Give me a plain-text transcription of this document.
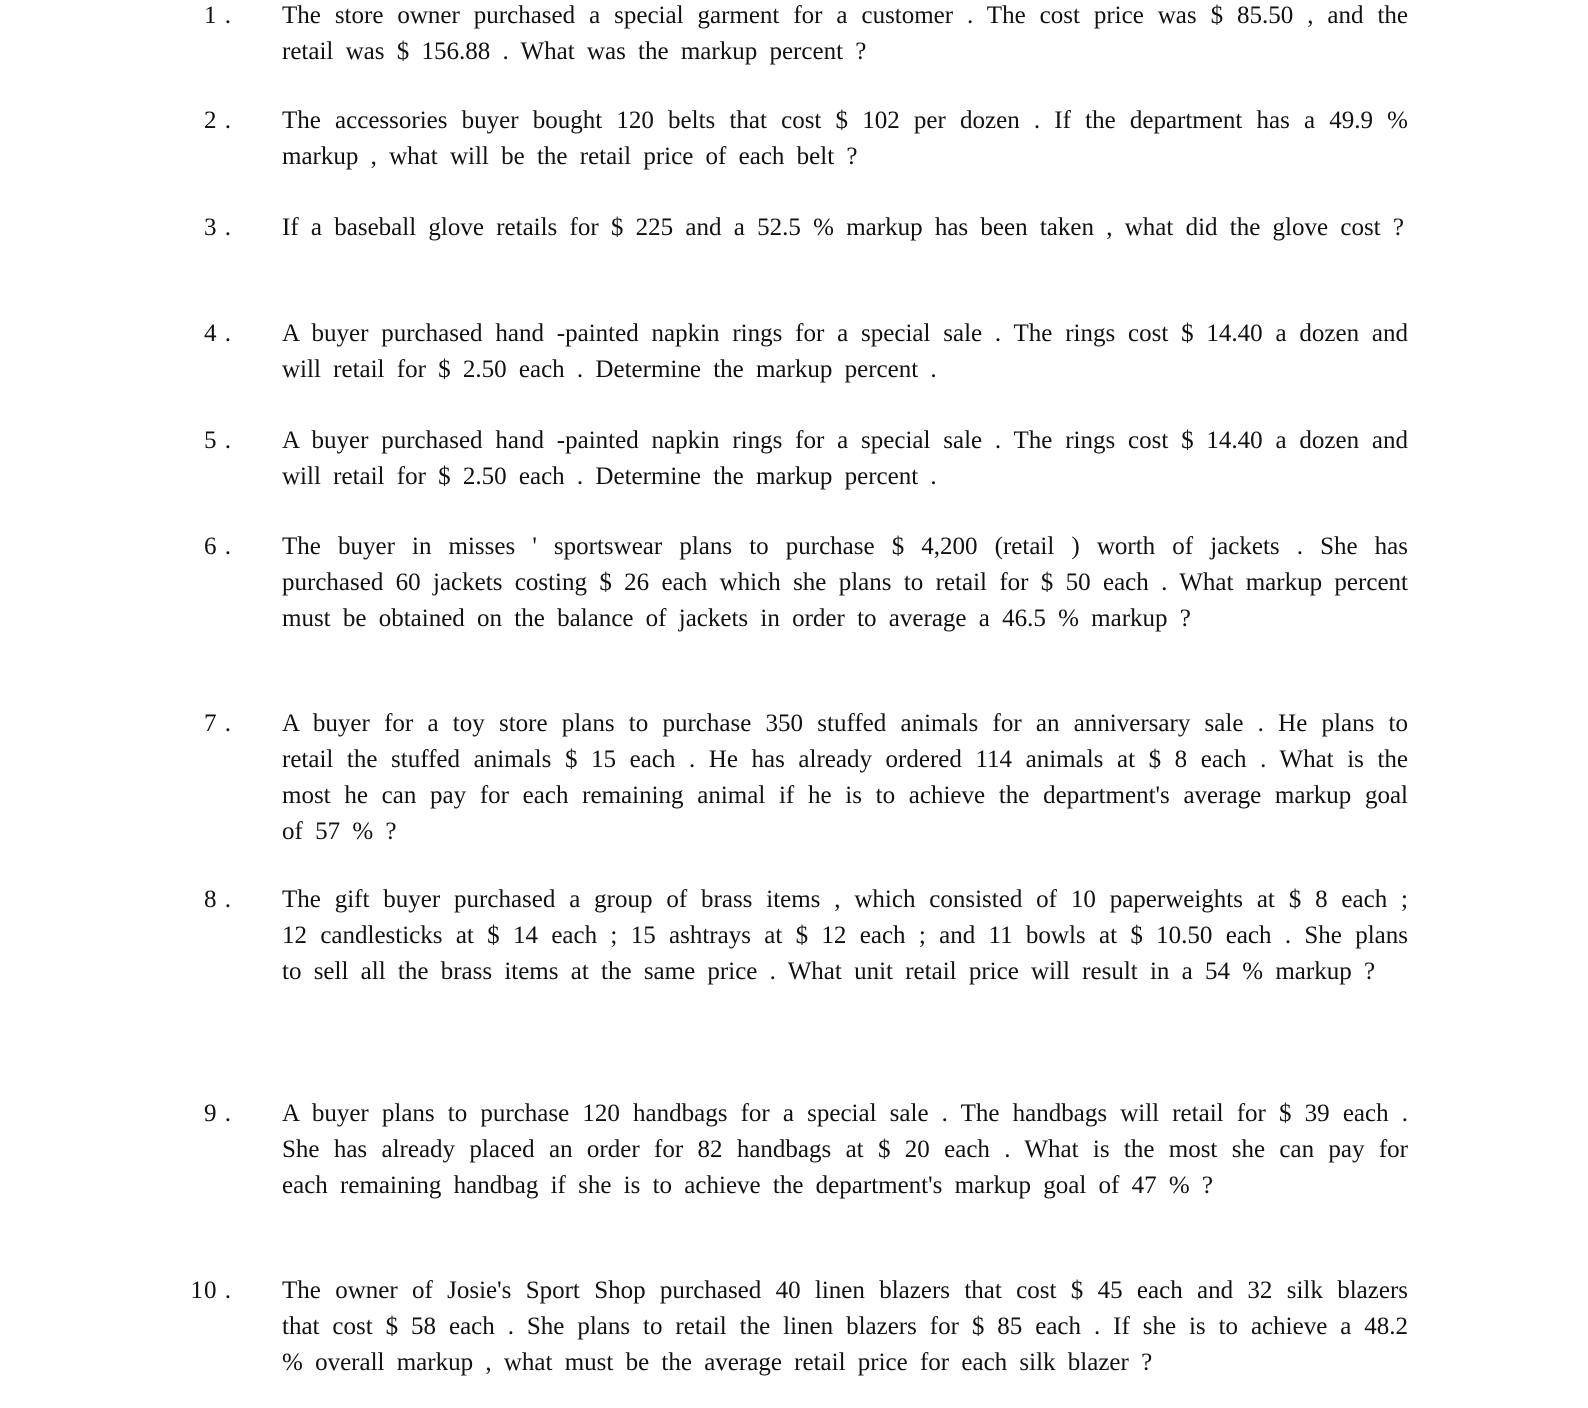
1 . The store owner purchased a special garment for a customer . The cost price was $ 85.50 , and the retail was $ 156.88 . What was the markup percent ?
2 . The accessories buyer bought 120 belts that cost $ 102 per dozen . If the department has a 49.9 % markup , what will be the retail price of each belt ?
3 . If a baseball glove retails for $ 225 and a 52.5 % markup has been taken , what did the glove cost ?
4 . A buyer purchased hand -painted napkin rings for a special sale . The rings cost $ 14.40 a dozen and will retail for $ 2.50 each . Determine the markup percent .
5 . A buyer purchased hand -painted napkin rings for a special sale . The rings cost $ 14.40 a dozen and will retail for $ 2.50 each . Determine the markup percent .
6 . The buyer in misses ' sportswear plans to purchase $ 4,200 (retail ) worth of jackets . She has purchased 60 jackets costing $ 26 each which she plans to retail for $ 50 each . What markup percent must be obtained on the balance of jackets in order to average a 46.5 % markup ?
7 . A buyer for a toy store plans to purchase 350 stuffed animals for an anniversary sale . He plans to retail the stuffed animals $ 15 each . He has already ordered 114 animals at $ 8 each . What is the most he can pay for each remaining animal if he is to achieve the department's average markup goal of 57 % ?
8 . The gift buyer purchased a group of brass items , which consisted of 10 paperweights at $ 8 each ; 12 candlesticks at $ 14 each ; 15 ashtrays at $ 12 each ; and 11 bowls at $ 10.50 each . She plans to sell all the brass items at the same price . What unit retail price will result in a 54 % markup ?
9 . A buyer plans to purchase 120 handbags for a special sale . The handbags will retail for $ 39 each . She has already placed an order for 82 handbags at $ 20 each . What is the most she can pay for each remaining handbag if she is to achieve the department's markup goal of 47 % ?
10 . The owner of Josie's Sport Shop purchased 40 linen blazers that cost $ 45 each and 32 silk blazers that cost $ 58 each . She plans to retail the linen blazers for $ 85 each . If she is to achieve a 48.2 % overall markup , what must be the average retail price for each silk blazer ?
